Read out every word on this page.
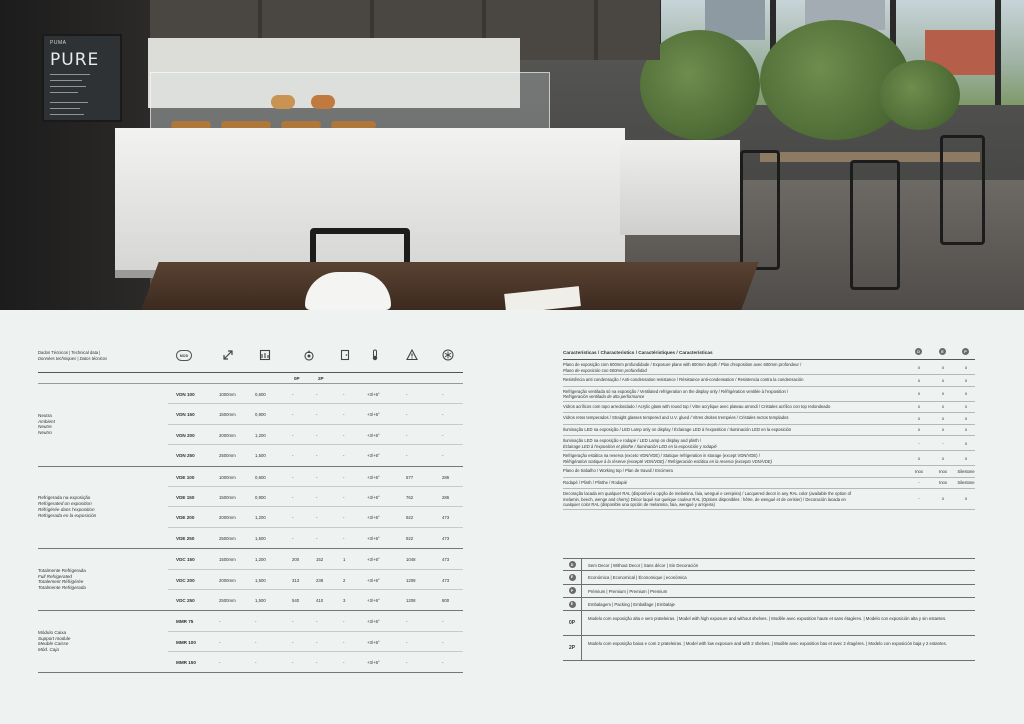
PUMA
PURE
Dados Técnicos | Technical data |
Données techniques | Datos técnicos
MOD
0P	2P
Neutra
Ambient
Neutre
Neutro
VDN 100	1000mm	0,600	-	-	-	+3/+6°	-	-
VDN 150	1500mm	0,900	-	-	-	+3/+6°	-	-
VDN 200	2000mm	1,200	-	-	-	+3/+6°	-	-
VDN 250	2500mm	1,500	-	-	-	+3/+6°	-	-
Refrigerada na exposição
Refrigerated on exposition
Réfrigérée dans l'exposition
Refrigerada en la exposición
VDE 100	1000mm	0,600	-	-	-	+3/+6°	577	286
VDE 150	1500mm	0,900	-	-	-	+3/+6°	762	286
VDE 200	2000mm	1,200	-	-	-	+3/+6°	922	473
VDE 250	2500mm	1,500	-	-	-	+3/+6°	922	473
Totalmente Refrigerada
Full Refrigerated
Totalement Réfrigérée
Totalmente Refrigerada
VDC 150	1500mm	1,200	200	152	1	+3/+6°	1048	473
VDC 200	2000mm	1,500	313	238	2	+3/+6°	1208	473
VDC 250	2500mm	1,500	540	410	3	+3/+6°	1208	800
Módulo Caixa
Support module
Meuble Caisse
Mód. Caja
MMR 75	-	-	-	-	-	+3/+6°	-	-
MMR 100	-	-	-	-	-	+3/+6°	-	-
MMR 150	-	-	-	-	-	+3/+6°	-	-
Características / Characteristics / Caractéristiques / Características	D	E	P
Plano de exposição com 600mm profundidade / Exposure plane with 600mm depth / Plan d'exposition avec 600mm profondeur /
Plano de exposición con 600mm profundidad
x	x	x
Resistência anti condensação / Anti-condensation resistance / Résistance anti-condensation / Resistencia contra la condensación	x	x	x
Refrigeração ventilada só na exposição / Ventilated refrigeration on the display only / Réfrigération ventilée à l'exposition /
Refrigeración ventilada de alta performance
x	x	x
Vidros acrílicos com topo arredondado / Acrylic glass with round top / Vitre acrylique avec plateau arrondi / Cristales acrílico con top redondeado	x	x	x
Vidros retos temperados / Straight glasses tempered and U.V. glued / Vitres droites trempées / Cristales rectos templados	x	x	x
Iluminação LED na exposição / LED Lamp only on display / Éclairage LED à l'exposition / Iluminación LED en la exposición	x	x	x
Iluminação LED na exposição e rodapé / LED Lamp on display and plinth /
Éclairage LED à l'exposition et plinthe / Iluminación LED en la exposición y rodapié
-	-	x
Refrigeração estática na reserva (exceto VDN/VDE) / Statique refrigeration in storage (except VDN/VDE) /
Réfrigération statique à la réserve (excepté VDN/VDE) / Refrigeración estática en la reserva (excepto VDN/VDE)
x	x	x
Plano de trabalho / Working top / Plan de travail / Encimera	Inox	Inox	Silestone
Rodapé / Plinth / Plinthe / Rodapié	-	Inox	Silestone
Decoração lacada em qualquer RAL (disponível a opção de melamina, faia, wengué e cerejeira) / Lacquered decor in any RAL color (available the option of
melamin, beech, wenge and cherry) Décor laqué sur quelque couleur RAL (Options disponibles : hêtre, de wengué et de cerisier) / Decoración lacada en
cualquier color RAL (disponible una opción de melamina, faia, wengué y arrojeira)
-	x	x
D	Sem Decor | Without Decor | Sans décor | Sin Decoración
E	Económica | Economical | Économique | económica
P	Prémium | Premium | Premium | Premium
E	Embalagem | Packing | Emballage | Embalaje
0P
Modelo com exposição alta e sem prateleiras. | Model with high exposure and without shelves. | Modèle avec exposition haute et sans étagères. | Modelo con exposición alta y sin estantes.
2P
Modelo com exposição baixa e com 2 prateleiras. | Model with low exposure and with 2 shelves. | Modèle avec exposition bas et avec 2 étagères. | Modelo con exposición baja y 2 estantes.
